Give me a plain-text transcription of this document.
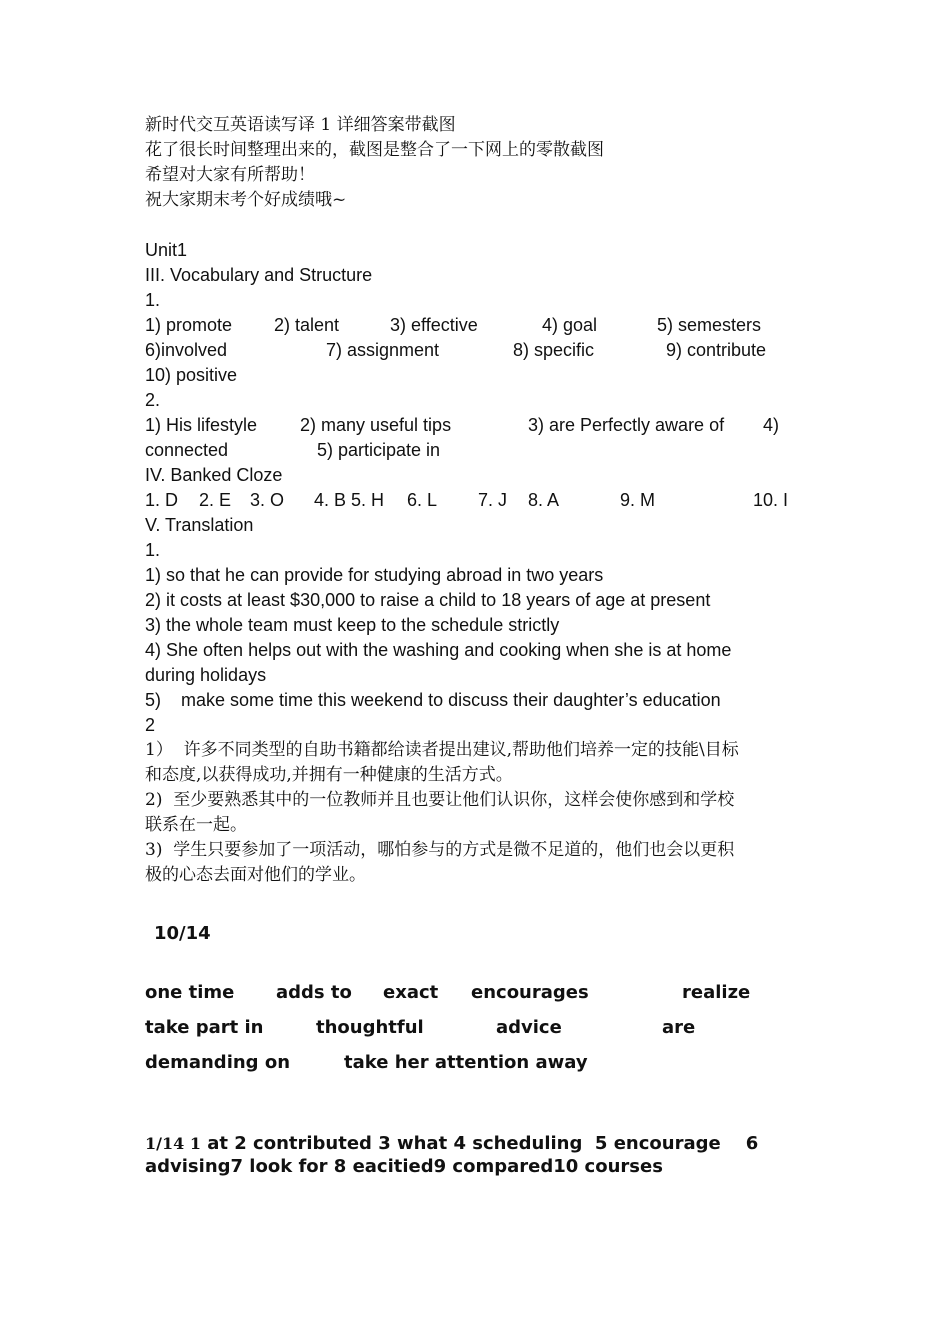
新时代交互英语读写译 1 详细答案带截图
花了很长时间整理出来的，截图是整合了一下网上的零散截图
希望对大家有所帮助！
祝大家期末考个好成绩哦~
Unit1
III. Vocabulary and Structure
1.
1) promote	2) talent	3) effective	4) goal	5) semesters
6)involved	7) assignment	8) specific	9) contribute
10) positive
2.
1) His lifestyle	2) many useful tips	3) are Perfectly aware of	4)
connected	5) participate in
IV. Banked Cloze
1. D	2. E	3. O	4. B 5. H	6. L	7. J	8. A	9. M	10. I
V. Translation
1.
1) so that he can provide for studying abroad in two years
2) it costs at least $30,000 to raise a child to 18 years of age at present
3) the whole team must keep to the schedule strictly
4) She often helps out with the washing and cooking when she is at home
during holidays
5)    make some time this weekend to discuss their daughter’s education
2
1）  许多不同类型的自助书籍都给读者提出建议,帮助他们培养一定的技能\目标
和态度,以获得成功,并拥有一种健康的生活方式。
2)  至少要熟悉其中的一位教师并且也要让他们认识你，这样会使你感到和学校
联系在一起。
3)  学生只要参加了一项活动，哪怕参与的方式是微不足道的，他们也会以更积
极的心态去面对他们的学业。
10/14
one time	adds to	exact	encourages	realize
take part in	thoughtful	advice	are
demanding on	take her attention away
1/14 1 at 2 contributed 3 what 4 scheduling  5 encourage    6
advising7 look for 8 eacitied9 compared10 courses
